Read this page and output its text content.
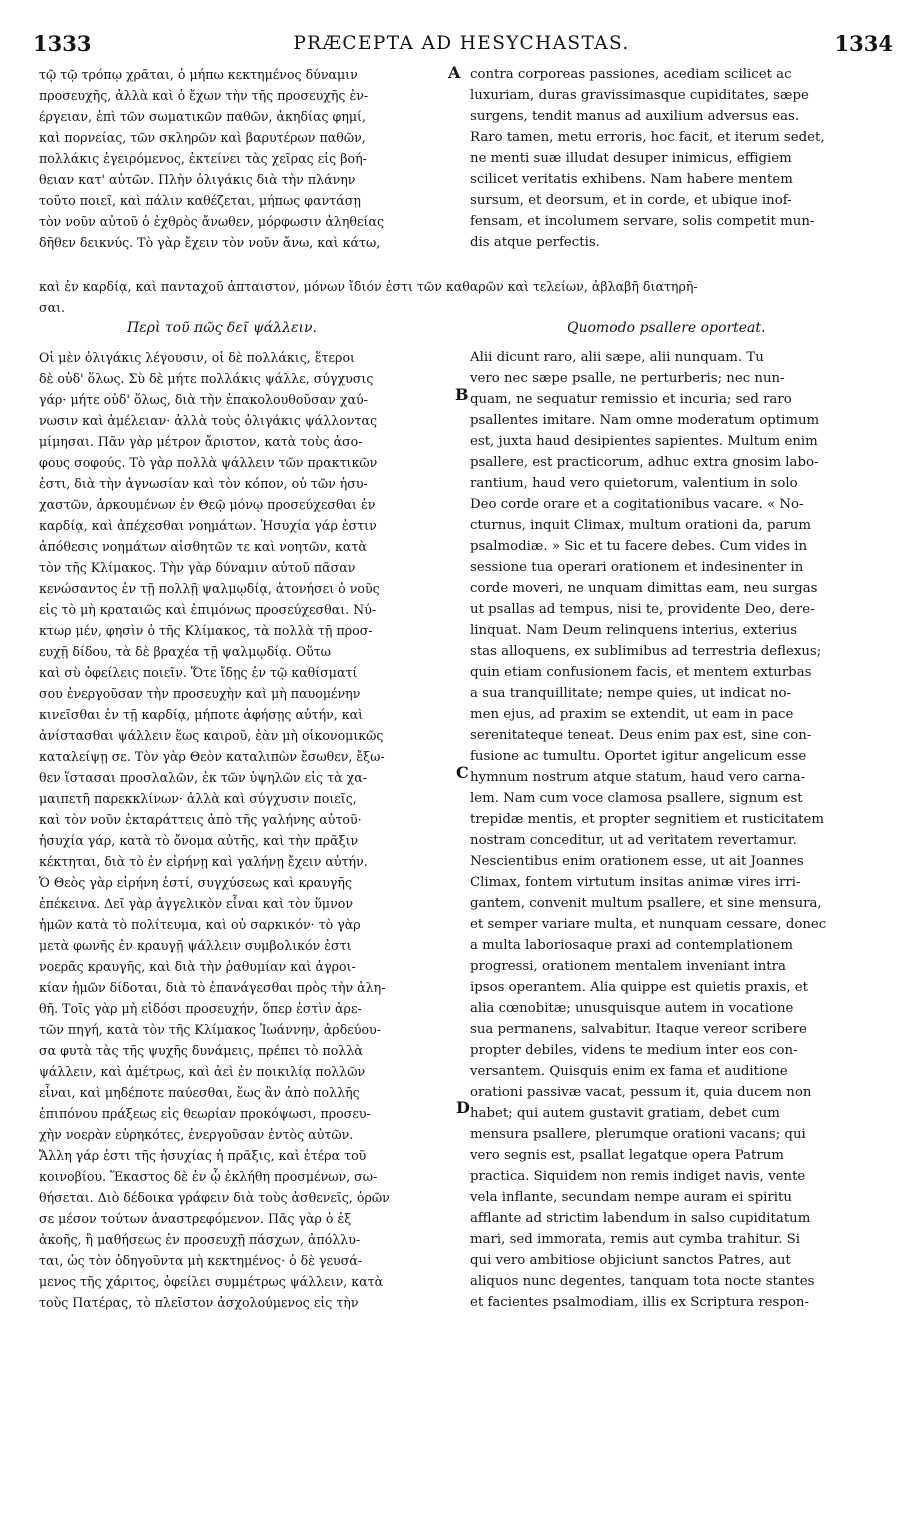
1333	PRÆCEPTA AD HESYCHASTAS.	1334
A
B
C
D
τῷ τῷ τρόπῳ χρᾶται, ὁ μήπω κεκτημένος δύναμιν
προσευχῆς, ἀλλὰ καὶ ὁ ἔχων τὴν τῆς προσευχῆς ἐν-
έργειαν, ἐπὶ τῶν σωματικῶν παθῶν, ἀκηδίας φημί,
καὶ πορνείας, τῶν σκληρῶν καὶ βαρυτέρων παθῶν,
πολλάκις ἐγειρόμενος, ἐκτείνει τὰς χεῖρας εἰς βοή-
θειαν κατ' αὐτῶν. Πλὴν ὀλιγάκις διὰ τὴν πλάνην
τοῦτο ποιεῖ, καὶ πάλιν καθέζεται, μήπως φαντάσῃ
τὸν νοῦν αὐτοῦ ὁ ἐχθρὸς ἄνωθεν, μόρφωσιν ἀληθείας
δῆθεν δεικνύς. Τὸ γὰρ ἔχειν τὸν νοῦν ἄνω, καὶ κάτω,
contra corporeas passiones, acediam scilicet ac
luxuriam, duras gravissimasque cupiditates, sæpe
surgens, tendit manus ad auxilium adversus eas.
Raro tamen, metu erroris, hoc facit, et iterum sedet,
ne menti suæ illudat desuper inimicus, effigiem
scilicet veritatis exhibens. Nam habere mentem
sursum, et deorsum, et in corde, et ubique inof-
fensam, et incolumem servare, solis competit mun-
dis atque perfectis.
καὶ ἐν καρδίᾳ, καὶ πανταχοῦ ἀπταιστον, μόνων ἴδιόν ἐστι τῶν καθαρῶν καὶ τελείων, ἀβλαβῆ διατηρῆ-
σαι.
Περὶ τοῦ πῶς δεῖ ψάλλειν.	Quomodo psallere oporteat.
Οἱ μὲν ὀλιγάκις λέγουσιν, οἱ δὲ πολλάκις, ἕτεροι
δὲ οὐδ' ὅλως. Σὺ δὲ μήτε πολλάκις ψάλλε, σύγχυσις
γάρ· μήτε οὐδ' ὅλως, διὰ τὴν ἐπακολουθοῦσαν χαύ-
νωσιν καὶ ἀμέλειαν· ἀλλὰ τοὺς ὀλιγάκις ψάλλοντας
μίμησαι. Πᾶν γὰρ μέτρον ἄριστον, κατὰ τοὺς ἀσο-
φους σοφούς. Τὸ γὰρ πολλὰ ψάλλειν τῶν πρακτικῶν
ἐστι, διὰ τὴν ἀγνωσίαν καὶ τὸν κόπον, οὐ τῶν ἡσυ-
χαστῶν, ἀρκουμένων ἐν Θεῷ μόνῳ προσεύχεσθαι ἐν
καρδίᾳ, καὶ ἀπέχεσθαι νοημάτων. Ἡσυχία γάρ ἐστιν
ἀπόθεσις νοημάτων αἰσθητῶν τε καὶ νοητῶν, κατὰ
τὸν τῆς Κλίμακος. Τὴν γὰρ δύναμιν αὐτοῦ πᾶσαν
κενώσαντος ἐν τῇ πολλῇ ψαλμῳδίᾳ, ἀτονήσει ὁ νοῦς
εἰς τὸ μὴ κραταιῶς καὶ ἐπιμόνως προσεύχεσθαι. Νύ-
κτωρ μέν, φησὶν ὁ τῆς Κλίμακος, τὰ πολλὰ τῇ προσ-
ευχῇ δίδου, τὰ δὲ βραχέα τῇ ψαλμῳδίᾳ. Οὕτω
καὶ σὺ ὀφείλεις ποιεῖν. Ὅτε ἴδῃς ἐν τῷ καθίσματί
σου ἐνεργοῦσαν τὴν προσευχὴν καὶ μὴ παυομένην
κινεῖσθαι ἐν τῇ καρδίᾳ, μήποτε ἀφήσῃς αὐτήν, καὶ
ἀνίστασθαι ψάλλειν ἕως καιροῦ, ἐὰν μὴ οἰκονομικῶς
καταλείψῃ σε. Τὸν γὰρ Θεὸν καταλιπὼν ἔσωθεν, ἔξω-
θεν ἵστασαι προσλαλῶν, ἐκ τῶν ὑψηλῶν εἰς τὰ χα-
μαιπετῆ παρεκκλίνων· ἀλλὰ καὶ σύγχυσιν ποιεῖς,
καὶ τὸν νοῦν ἐκταράττεις ἀπὸ τῆς γαλήνης αὐτοῦ·
ἡσυχία γάρ, κατὰ τὸ ὄνομα αὐτῆς, καὶ τὴν πρᾶξιν
κέκτηται, διὰ τὸ ἐν εἰρήνῃ καὶ γαλήνῃ ἔχειν αὐτήν.
Ὁ Θεὸς γὰρ εἰρήνη ἐστί, συγχύσεως καὶ κραυγῆς
ἐπέκεινα. Δεῖ γὰρ ἀγγελικὸν εἶναι καὶ τὸν ὕμνον
ἡμῶν κατὰ τὸ πολίτευμα, καὶ οὐ σαρκικόν· τὸ γὰρ
μετὰ φωνῆς ἐν κραυγῇ ψάλλειν συμβολικόν ἐστι
νοερᾶς κραυγῆς, καὶ διὰ τὴν ῥαθυμίαν καὶ ἀγροι-
κίαν ἡμῶν δίδοται, διὰ τὸ ἐπανάγεσθαι πρὸς τὴν ἀλη-
θῆ. Τοῖς γὰρ μὴ εἰδόσι προσευχήν, ὅπερ ἐστὶν ἀρε-
τῶν πηγή, κατὰ τὸν τῆς Κλίμακος Ἰωάννην, ἀρδεύου-
σα φυτὰ τὰς τῆς ψυχῆς δυνάμεις, πρέπει τὸ πολλὰ
ψάλλειν, καὶ ἀμέτρως, καὶ ἀεὶ ἐν ποικιλίᾳ πολλῶν
εἶναι, καὶ μηδέποτε παύεσθαι, ἕως ἂν ἀπὸ πολλῆς
ἐπιπόνου πράξεως εἰς θεωρίαν προκόψωσι, προσευ-
χὴν νοερὰν εὑρηκότες, ἐνεργοῦσαν ἐντὸς αὐτῶν.
Ἄλλη γάρ ἐστι τῆς ἡσυχίας ἡ πρᾶξις, καὶ ἑτέρα τοῦ
κοινοβίου. Ἕκαστος δὲ ἐν ᾧ ἐκλήθη προσμένων, σω-
θήσεται. Διὸ δέδοικα γράφειν διὰ τοὺς ἀσθενεῖς, ὁρῶν
σε μέσον τούτων ἀναστρεφόμενον. Πᾶς γὰρ ὁ ἐξ
ἀκοῆς, ἢ μαθήσεως ἐν προσευχῇ πάσχων, ἀπόλλυ-
ται, ὡς τὸν ὁδηγοῦντα μὴ κεκτημένος· ὁ δὲ γευσά-
μενος τῆς χάριτος, ὀφείλει συμμέτρως ψάλλειν, κατὰ
τοὺς Πατέρας, τὸ πλεῖστον ἀσχολούμενος εἰς τὴν
Alii dicunt raro, alii sæpe, alii nunquam. Tu
vero nec sæpe psalle, ne perturberis; nec nun-
quam, ne sequatur remissio et incuria; sed raro
psallentes imitare. Nam omne moderatum optimum
est, juxta haud desipientes sapientes. Multum enim
psallere, est practicorum, adhuc extra gnosim labo-
rantium, haud vero quietorum, valentium in solo
Deo corde orare et a cogitationibus vacare. « No-
cturnus, inquit Climax, multum orationi da, parum
psalmodiæ. » Sic et tu facere debes. Cum vides in
sessione tua operari orationem et indesinenter in
corde moveri, ne unquam dimittas eam, neu surgas
ut psallas ad tempus, nisi te, providente Deo, dere-
linquat. Nam Deum relinquens interius, exterius
stas alloquens, ex sublimibus ad terrestria deflexus;
quin etiam confusionem facis, et mentem exturbas
a sua tranquillitate; nempe quies, ut indicat no-
men ejus, ad praxim se extendit, ut eam in pace
serenitateque teneat. Deus enim pax est, sine con-
fusione ac tumultu. Oportet igitur angelicum esse
hymnum nostrum atque statum, haud vero carna-
lem. Nam cum voce clamosa psallere, signum est
trepidæ mentis, et propter segnitiem et rusticitatem
nostram conceditur, ut ad veritatem revertamur.
Nescientibus enim orationem esse, ut ait Joannes
Climax, fontem virtutum insitas animæ vires irri-
gantem, convenit multum psallere, et sine mensura,
et semper variare multa, et nunquam cessare, donec
a multa laboriosaque praxi ad contemplationem
progressi, orationem mentalem inveniant intra
ipsos operantem. Alia quippe est quietis praxis, et
alia cœnobitæ; unusquisque autem in vocatione
sua permanens, salvabitur. Itaque vereor scribere
propter debiles, videns te medium inter eos con-
versantem. Quisquis enim ex fama et auditione
orationi passivæ vacat, pessum it, quia ducem non
habet; qui autem gustavit gratiam, debet cum
mensura psallere, plerumque orationi vacans; qui
vero segnis est, psallat legatque opera Patrum
practica. Siquidem non remis indiget navis, vente
vela inflante, secundam nempe auram ei spiritu
afflante ad strictim labendum in salso cupiditatum
mari, sed immorata, remis aut cymba trahitur. Si
qui vero ambitiose objiciunt sanctos Patres, aut
aliquos nunc degentes, tanquam tota nocte stantes
et facientes psalmodiam, illis ex Scriptura respon-
